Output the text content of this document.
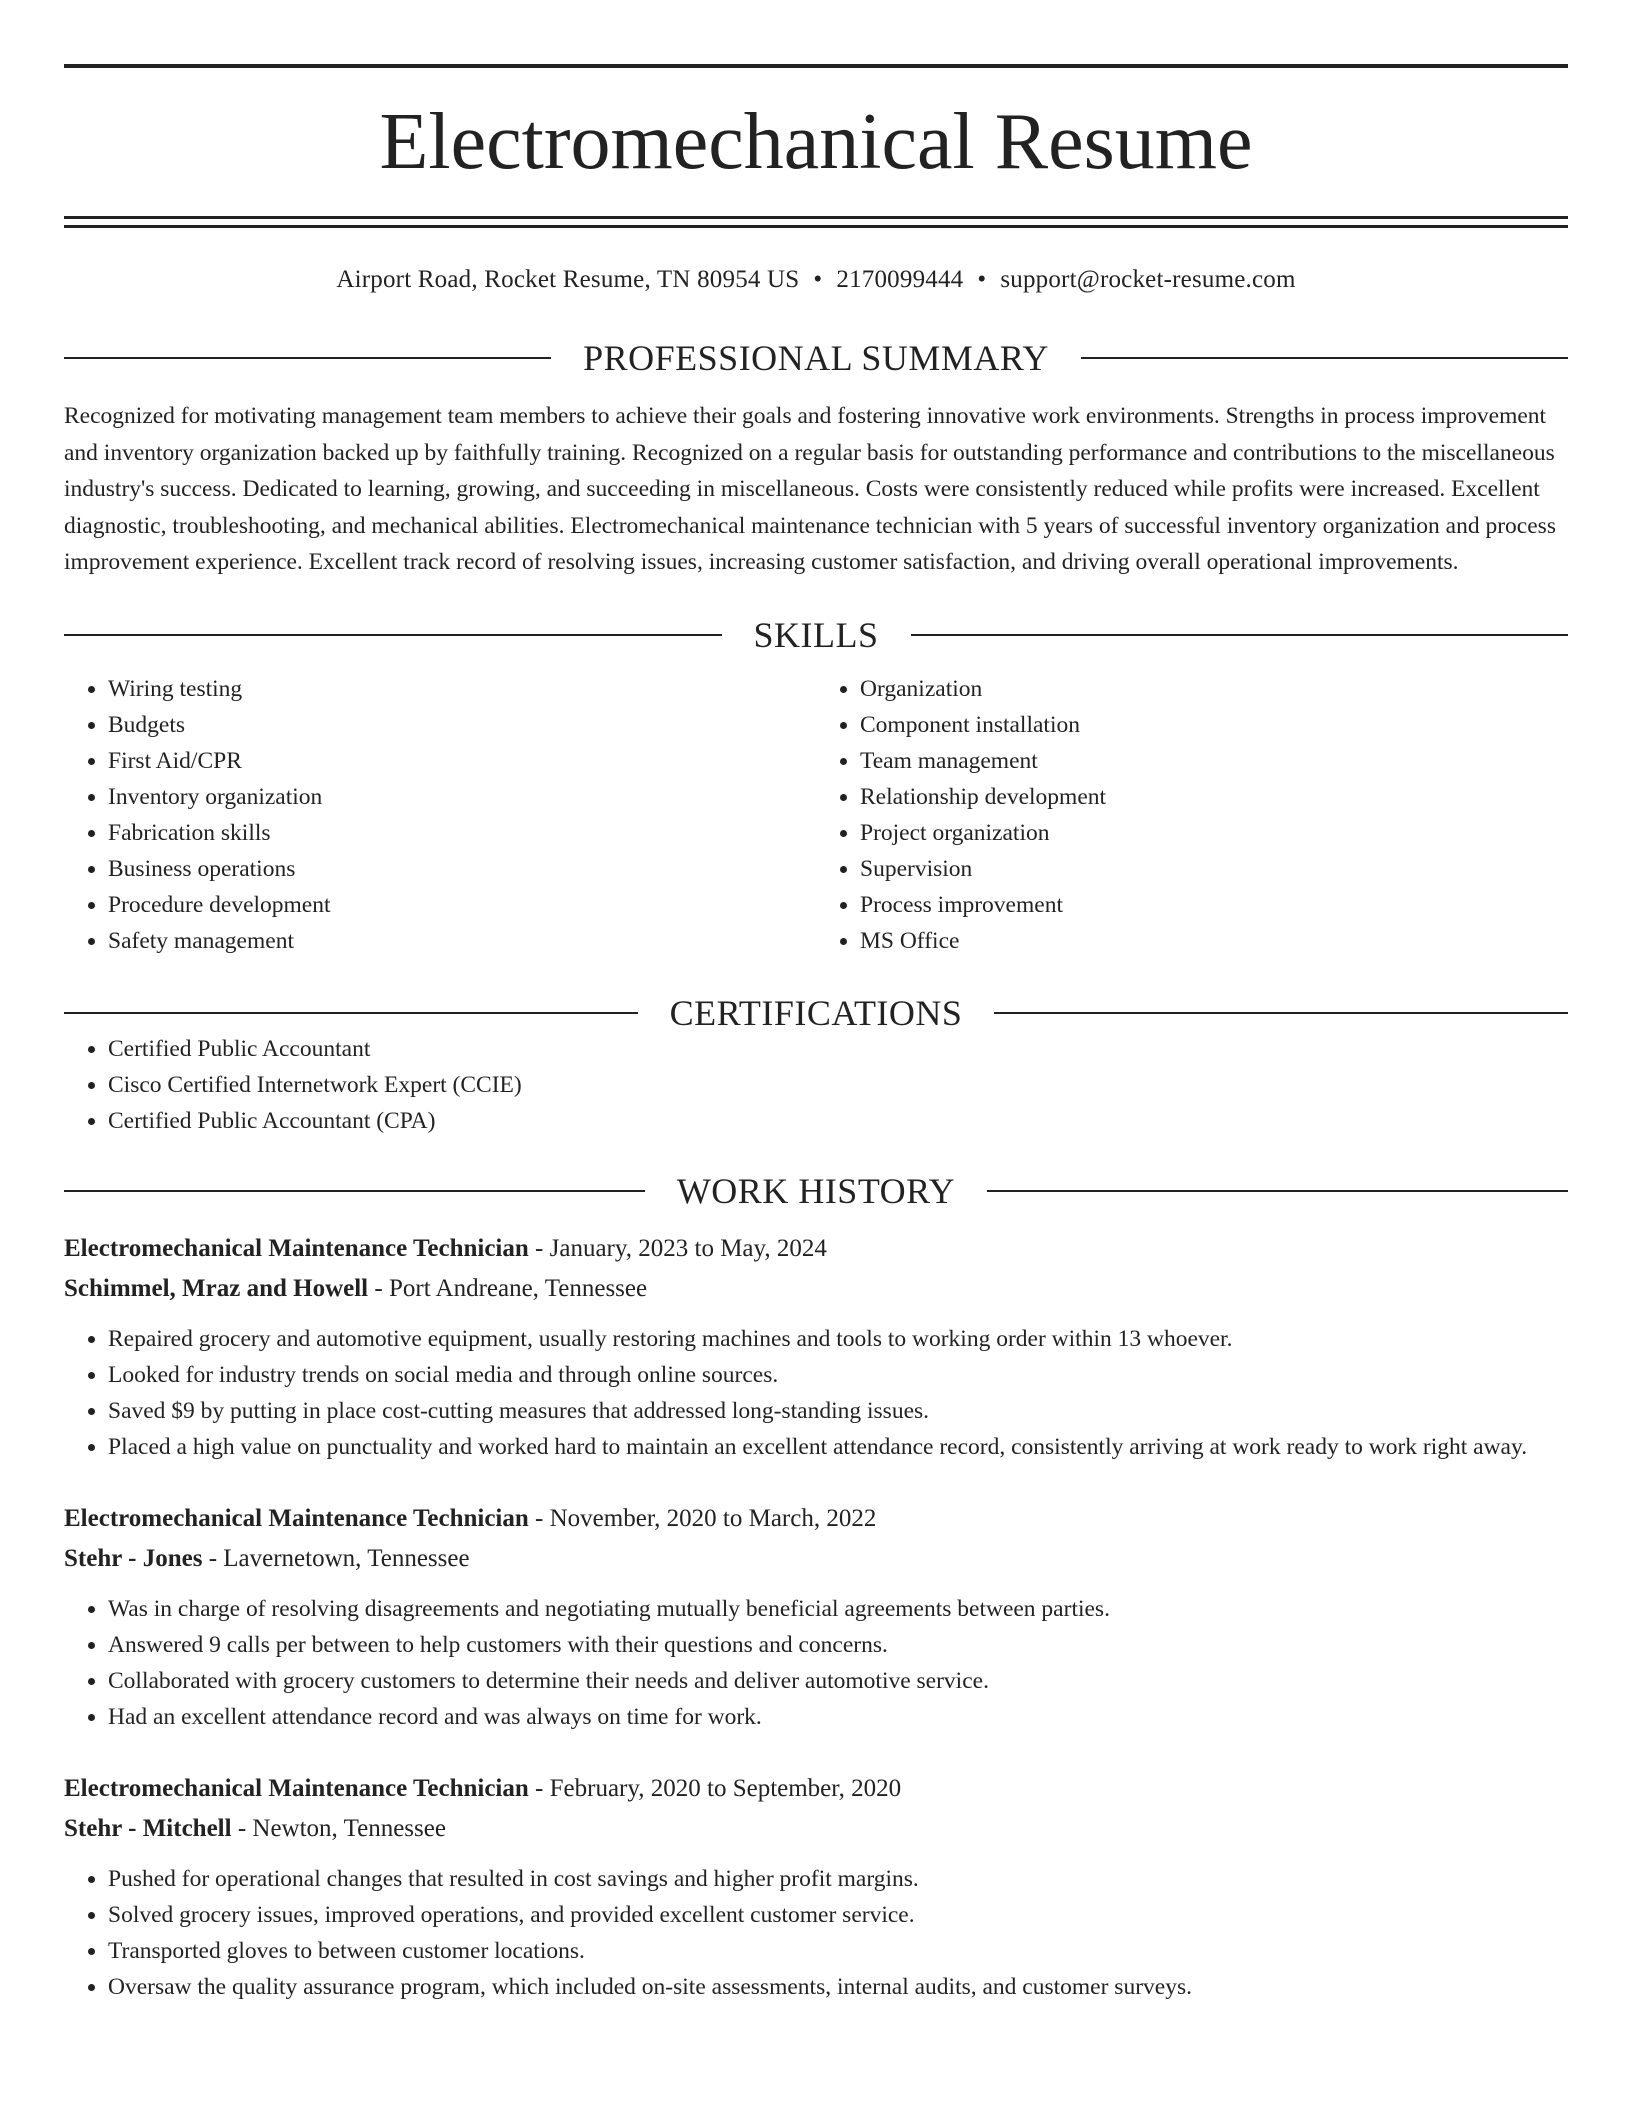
Electromechanical Resume
Airport Road, Rocket Resume, TN 80954 US • 2170099444 • support@rocket-resume.com
PROFESSIONAL SUMMARY
Recognized for motivating management team members to achieve their goals and fostering innovative work environments. Strengths in process improvement and inventory organization backed up by faithfully training. Recognized on a regular basis for outstanding performance and contributions to the miscellaneous industry's success. Dedicated to learning, growing, and succeeding in miscellaneous. Costs were consistently reduced while profits were increased. Excellent diagnostic, troubleshooting, and mechanical abilities. Electromechanical maintenance technician with 5 years of successful inventory organization and process improvement experience. Excellent track record of resolving issues, increasing customer satisfaction, and driving overall operational improvements.
SKILLS
• Wiring testing
• Budgets
• First Aid/CPR
• Inventory organization
• Fabrication skills
• Business operations
• Procedure development
• Safety management
• Organization
• Component installation
• Team management
• Relationship development
• Project organization
• Supervision
• Process improvement
• MS Office
CERTIFICATIONS
• Certified Public Accountant
• Cisco Certified Internetwork Expert (CCIE)
• Certified Public Accountant (CPA)
WORK HISTORY
Electromechanical Maintenance Technician - January, 2023 to May, 2024
Schimmel, Mraz and Howell - Port Andreane, Tennessee
• Repaired grocery and automotive equipment, usually restoring machines and tools to working order within 13 whoever.
• Looked for industry trends on social media and through online sources.
• Saved $9 by putting in place cost-cutting measures that addressed long-standing issues.
• Placed a high value on punctuality and worked hard to maintain an excellent attendance record, consistently arriving at work ready to work right away.
Electromechanical Maintenance Technician - November, 2020 to March, 2022
Stehr - Jones - Lavernetown, Tennessee
• Was in charge of resolving disagreements and negotiating mutually beneficial agreements between parties.
• Answered 9 calls per between to help customers with their questions and concerns.
• Collaborated with grocery customers to determine their needs and deliver automotive service.
• Had an excellent attendance record and was always on time for work.
Electromechanical Maintenance Technician - February, 2020 to September, 2020
Stehr - Mitchell - Newton, Tennessee
• Pushed for operational changes that resulted in cost savings and higher profit margins.
• Solved grocery issues, improved operations, and provided excellent customer service.
• Transported gloves to between customer locations.
• Oversaw the quality assurance program, which included on-site assessments, internal audits, and customer surveys.
